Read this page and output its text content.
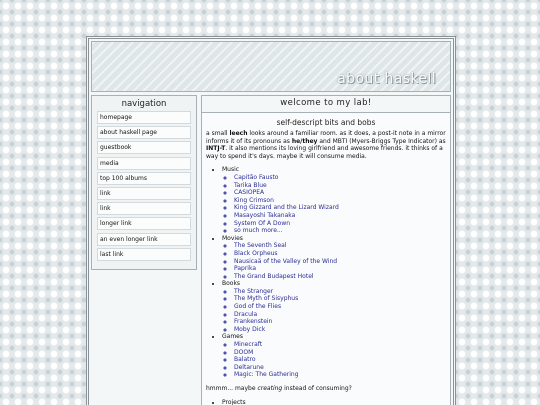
about haskell
navigation
homepage
about haskell page
guestbook
media
top 100 albums
link
link
longer link
an even longer link
last link
welcome to my lab!
self-descript bits and bobs

a small leech looks around a familiar room. as it does, a post-it note in a mirror informs it of its pronouns as he/they and MBTI (Myers-Briggs Type Indicator) as INTJ-T. it also mentions its loving girlfriend and awesome friends. it thinks of a way to spend it's days. maybe it will consume media.

• Music
◦ Capitão Fausto
◦ Tarika Blue
◦ CASIOPEA
◦ King Crimson
◦ King Gizzard and the Lizard Wizard
◦ Masayoshi Takanaka
◦ System Of A Down
◦ so much more...
• Movies
◦ The Seventh Seal
◦ Black Orpheus
◦ Nausicaä of the Valley of the Wind
◦ Paprika
◦ The Grand Budapest Hotel
• Books
◦ The Stranger
◦ The Myth of Sisyphus
◦ God of the Flies
◦ Dracula
◦ Frankenstein
◦ Moby Dick
• Games
◦ Minecraft
◦ DOOM
◦ Balatro
◦ Deltarune
◦ Magic: The Gathering

hmmm... maybe creating instead of consuming?

• Projects
